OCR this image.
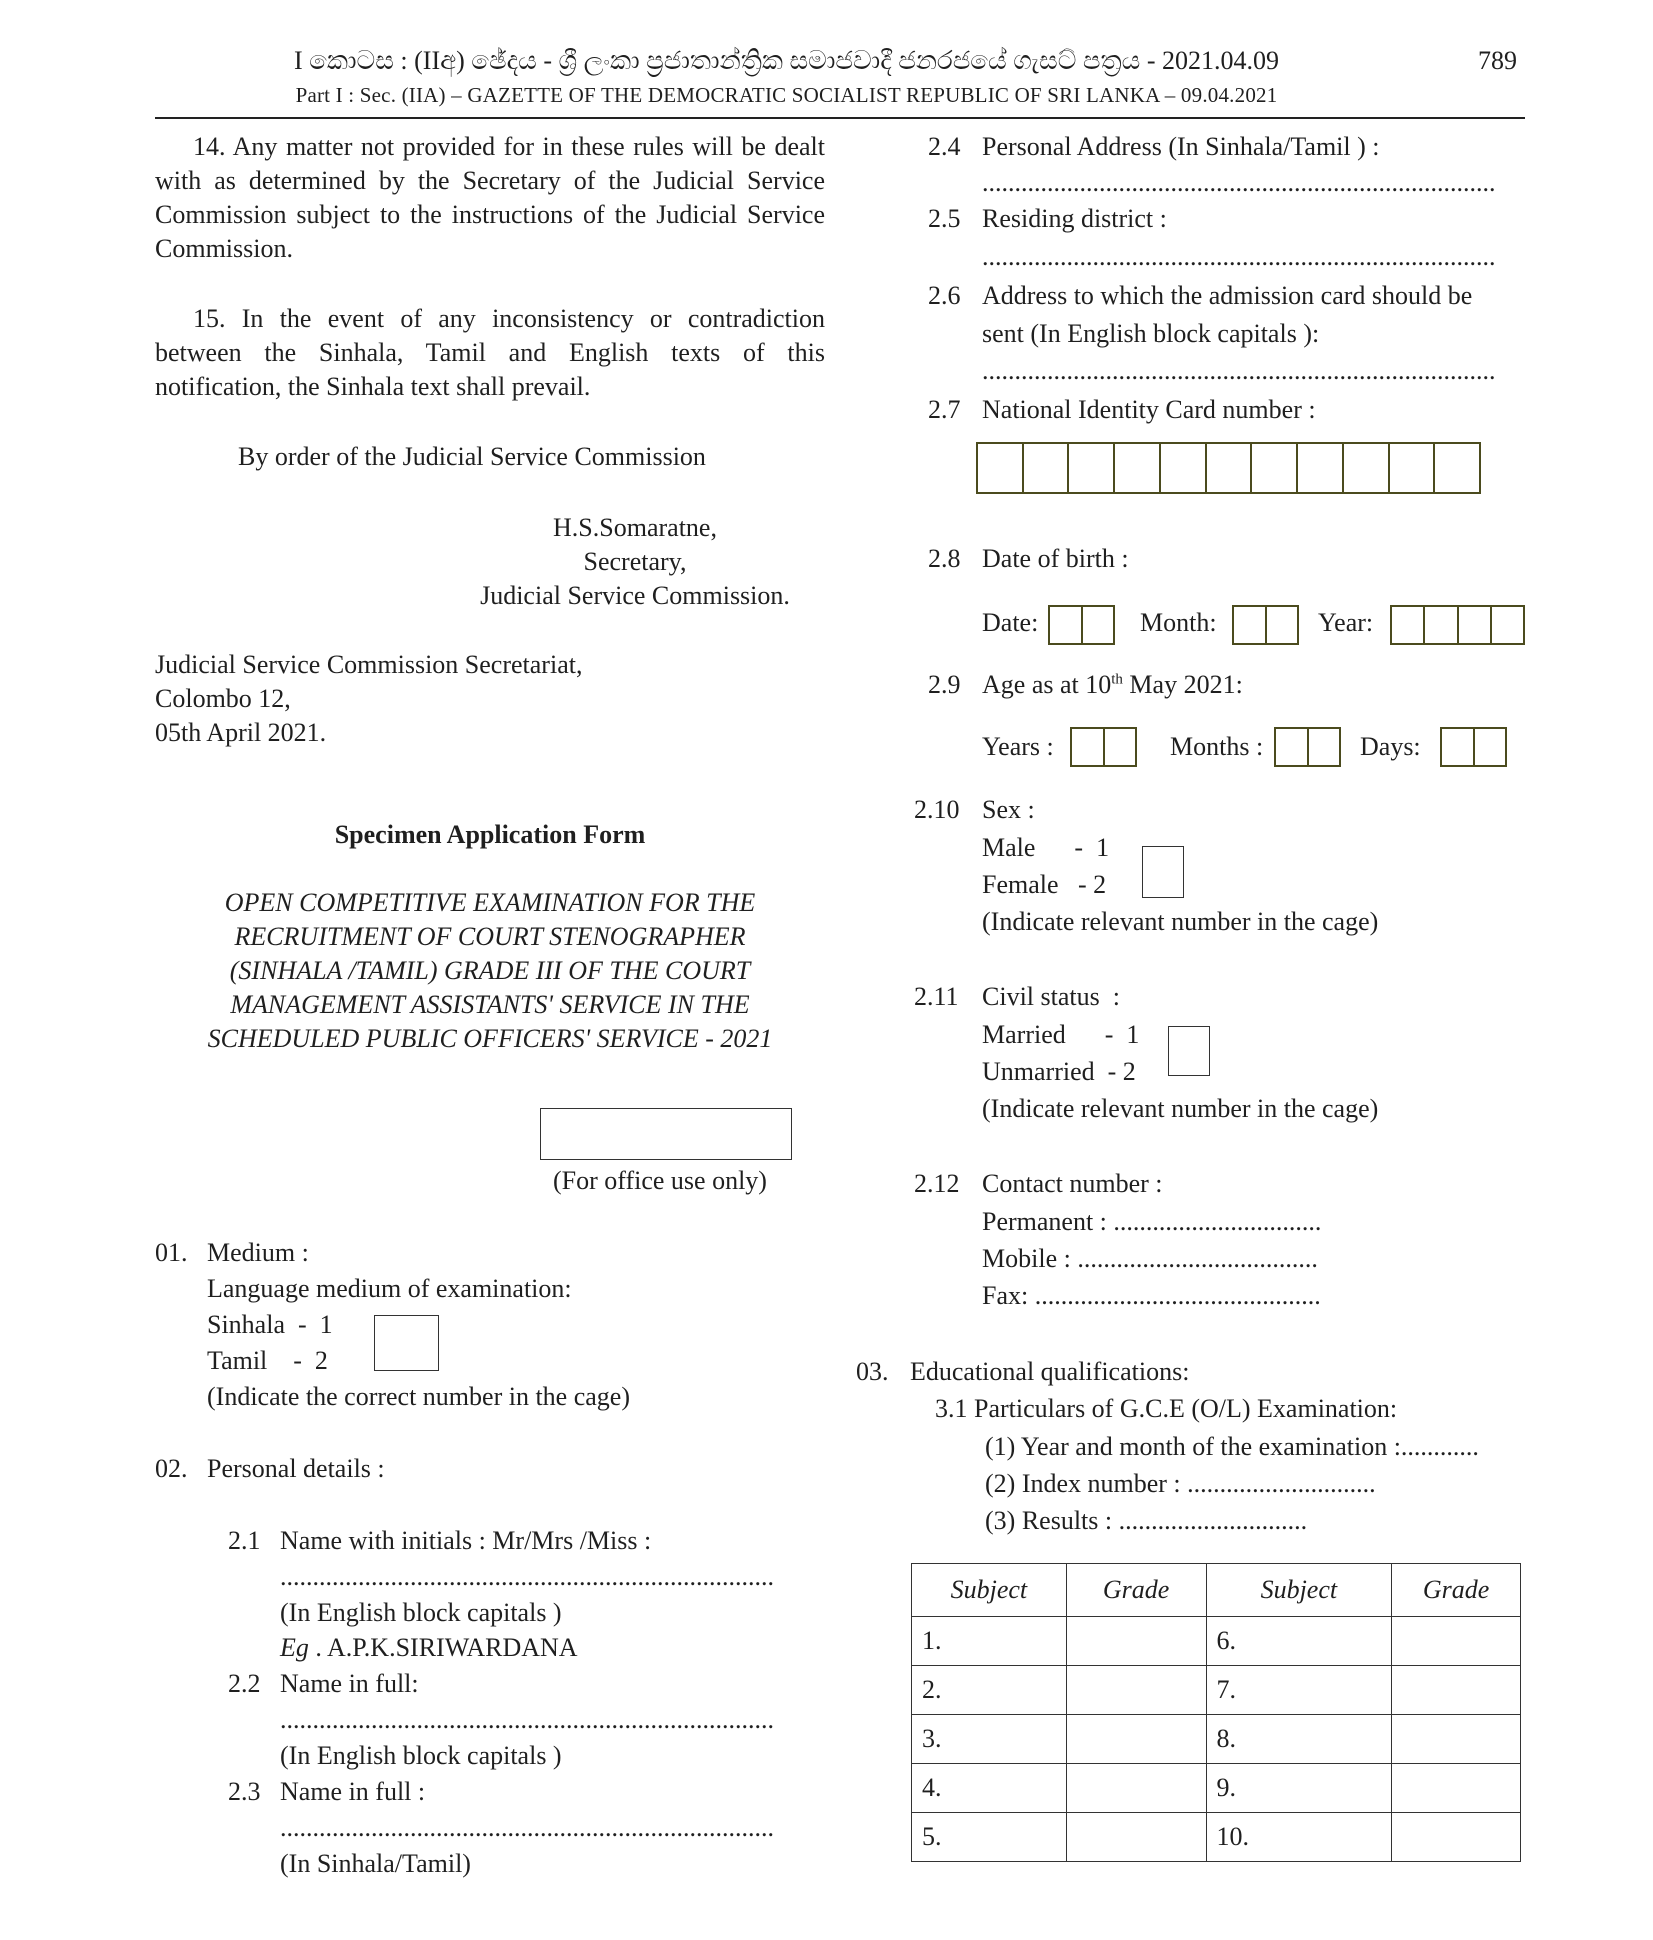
I කොටස : (IIඅ) ඡේදය - ශ්‍රී ලංකා ප්‍රජාතාන්ත්‍රික සමාජවාදී ජනරජයේ ගැසට් පත්‍රය - 2021.04.09
Part I : Sec. (IIA) – GAZETTE OF THE DEMOCRATIC SOCIALIST REPUBLIC OF SRI LANKA – 09.04.2021
789
14. Any matter not provided for in these rules will be dealt with as determined by the Secretary of the Judicial Service Commission subject to the instructions of the Judicial Service Commission.
15. In the event of any inconsistency or contradiction between the Sinhala, Tamil and English texts of this notification, the Sinhala text shall prevail.
By order of the Judicial Service Commission
H.S.Somaratne,
Secretary,
Judicial Service Commission.
Judicial Service Commission Secretariat,
Colombo 12,
05th April 2021.
Specimen Application Form
OPEN COMPETITIVE EXAMINATION FOR THE
RECRUITMENT OF COURT STENOGRAPHER
(SINHALA /TAMIL) GRADE III OF THE COURT
MANAGEMENT ASSISTANTS' SERVICE IN THE
SCHEDULED PUBLIC OFFICERS' SERVICE - 2021
(For office use only)
01. Medium :
Language medium of examination:
Sinhala  -  1
Tamil    -  2
(Indicate the correct number in the cage)
02. Personal details :
2.1 Name with initials : Mr/Mrs /Miss :
............................................................................
(In English block capitals )
Eg . A.P.K.SIRIWARDANA
2.2 Name in full:
............................................................................
(In English block capitals )
2.3 Name in full :
............................................................................
(In Sinhala/Tamil)
2.4 Personal Address (In Sinhala/Tamil ) :
...............................................................................
2.5 Residing district :
...............................................................................
2.6 Address to which the admission card should be
sent (In English block capitals ):
...............................................................................
2.7 National Identity Card number :
2.8 Date of birth :
Date:	Month:	Year:
2.9 Age as at 10th May 2021:
Years :	Months :	Days:
2.10 Sex :
Male      -  1
Female   - 2
(Indicate relevant number in the cage)
2.11 Civil status  :
Married      -  1
Unmarried  - 2
(Indicate relevant number in the cage)
2.12 Contact number :
Permanent : ................................
Mobile : .....................................
Fax: ............................................
03. Educational qualifications:
3.1 Particulars of G.C.E (O/L) Examination:
(1) Year and month of the examination :............
(2) Index number : .............................
(3) Results : .............................
Subject	Grade	Subject	Grade
1.		6.	
2.		7.	
3.		8.	
4.		9.	
5.		10.	
